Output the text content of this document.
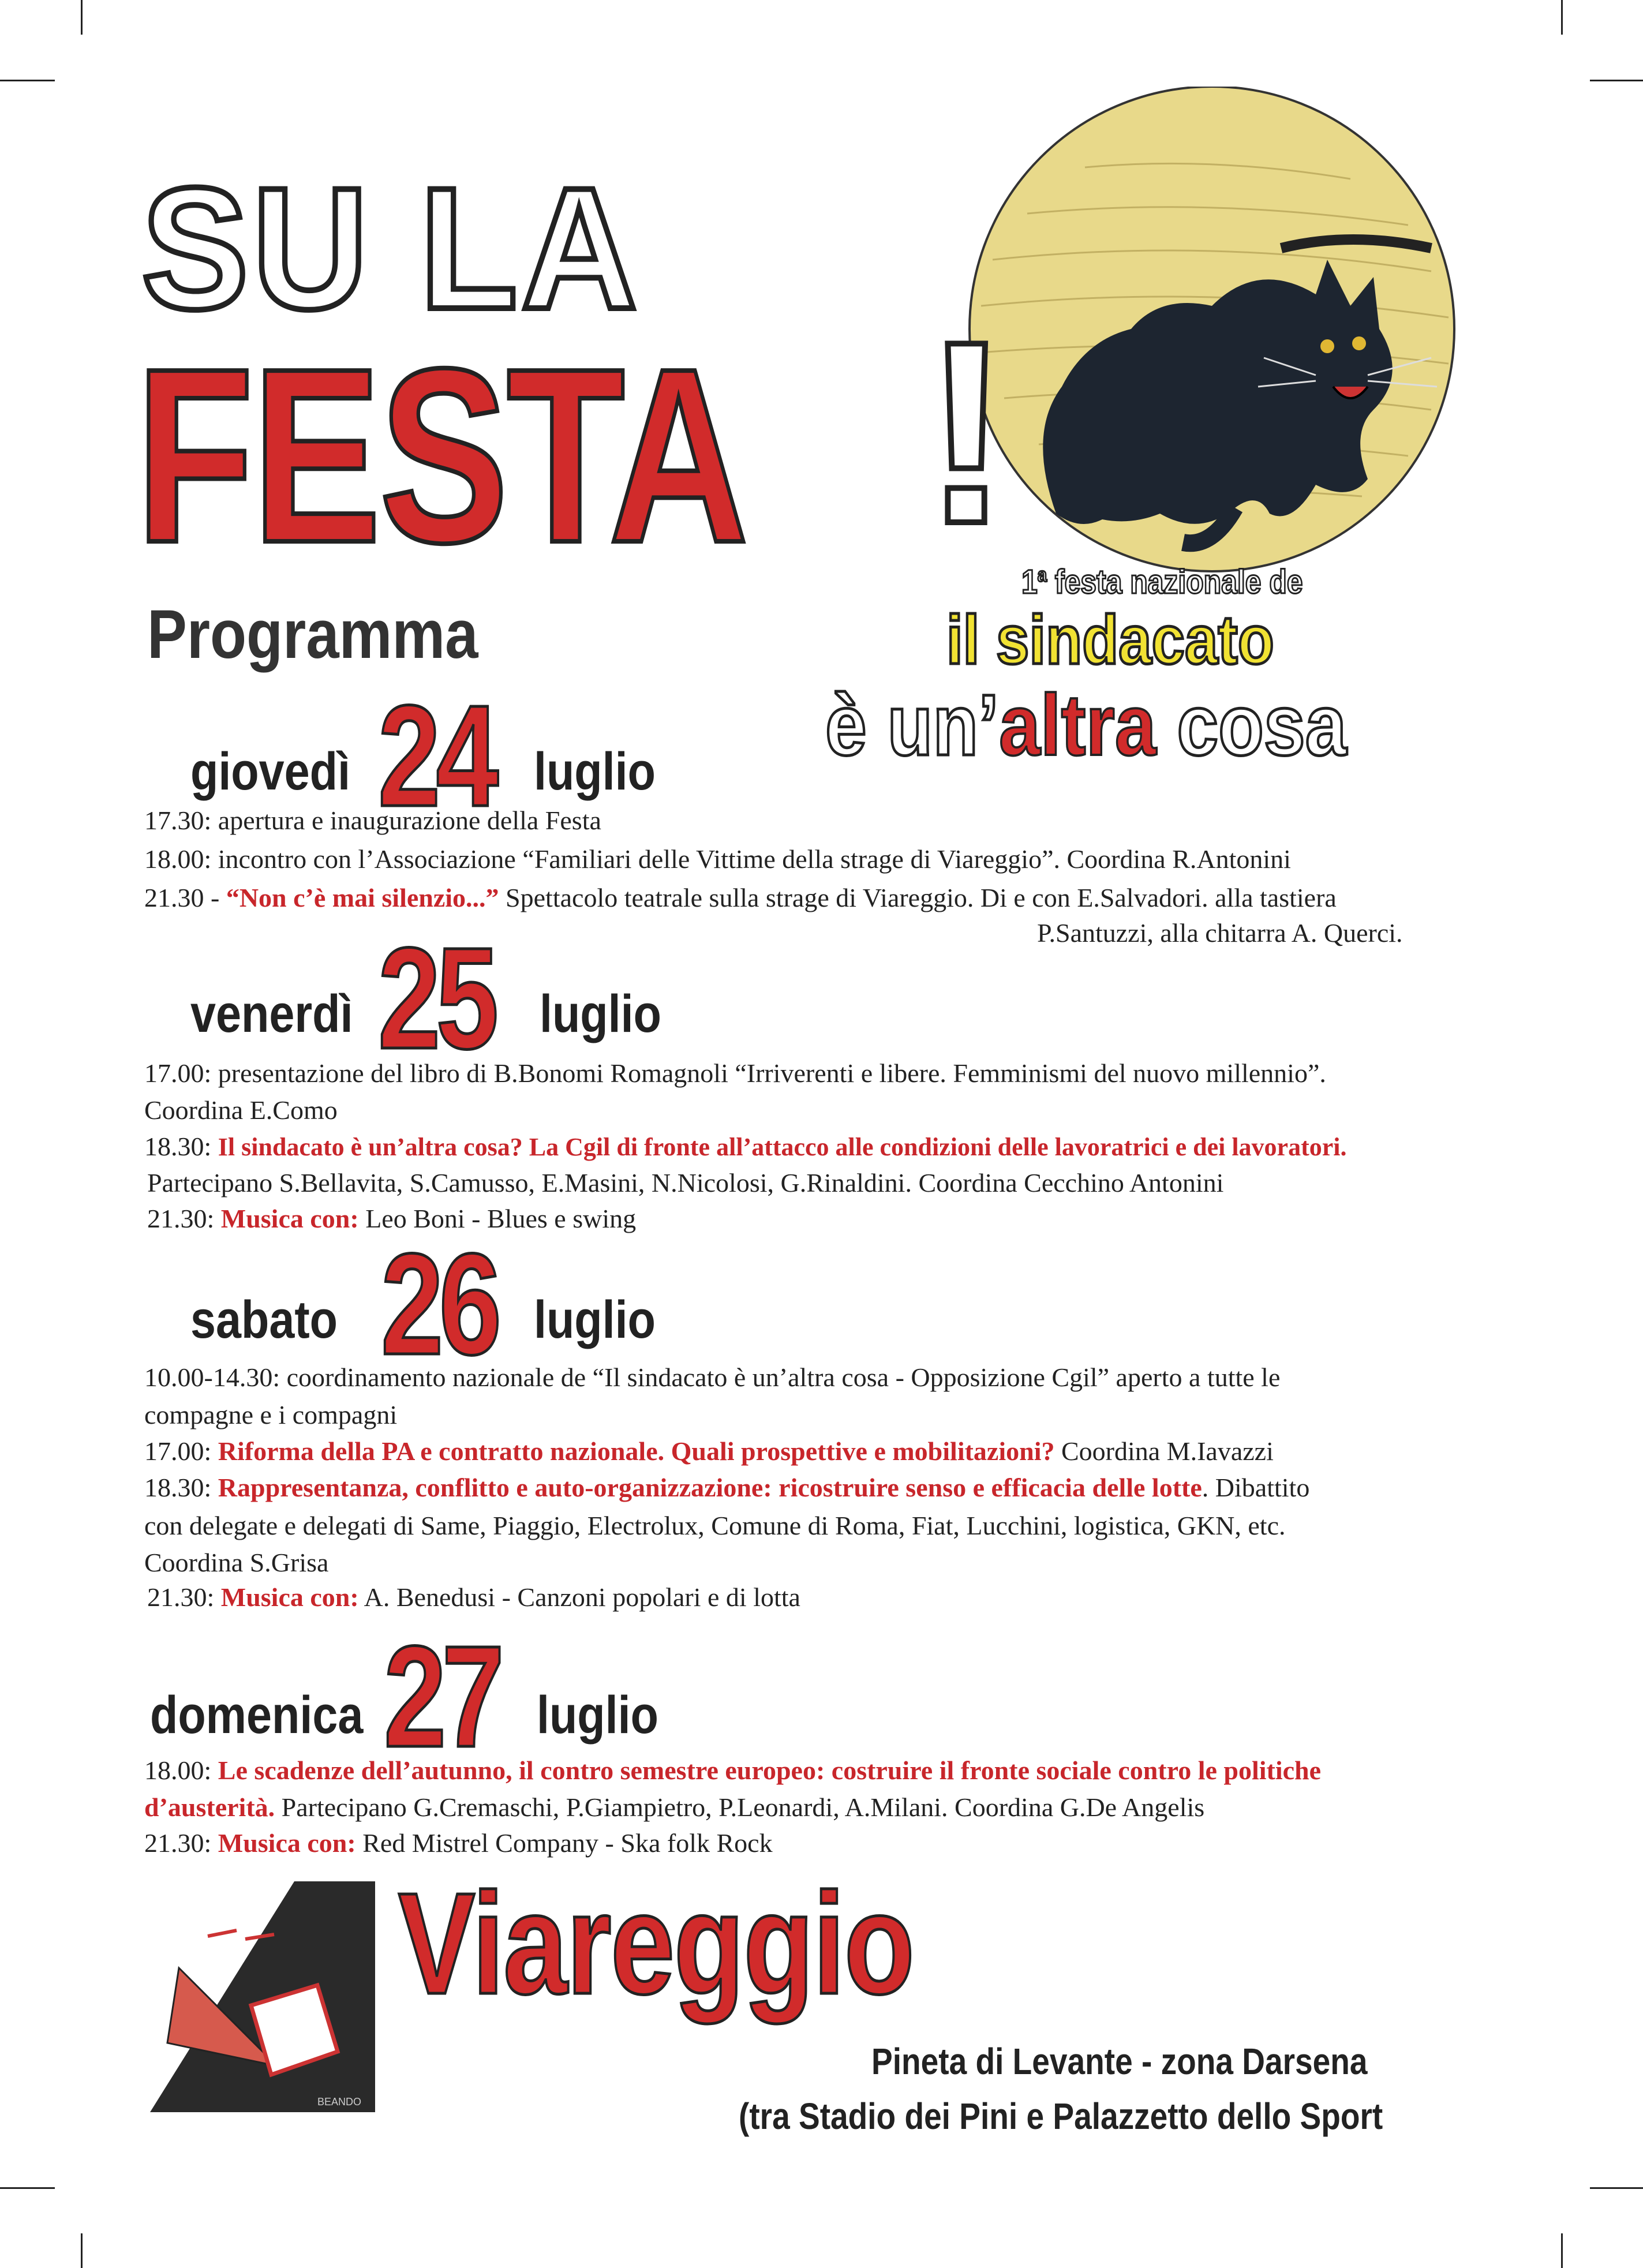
SU LA
FESTA !
Programma
1$^a$ festa nazionale de
il sindacato
è un’altra cosa
giovedì 24 luglio
17.30: apertura e inaugurazione della Festa
18.00: incontro con l’Associazione “Familiari delle Vittime della strage di Viareggio”. Coordina R.Antonini
21.30 - “Non c’è mai silenzio...” Spettacolo teatrale sulla strage di Viareggio. Di e con E.Salvadori. alla tastiera
P.Santuzzi, alla chitarra A. Querci.
venerdì 25 luglio
17.00: presentazione del libro di B.Bonomi Romagnoli “Irriverenti e libere. Femminismi del nuovo millennio”.
Coordina E.Como
18.30: Il sindacato è un’altra cosa? La Cgil di fronte all’attacco alle condizioni delle lavoratrici e dei lavoratori.
Partecipano S.Bellavita, S.Camusso, E.Masini, N.Nicolosi, G.Rinaldini. Coordina Cecchino Antonini
21.30: Musica con: Leo Boni - Blues e swing
sabato 26 luglio
10.00-14.30: coordinamento nazionale de “Il sindacato è un’altra cosa - Opposizione Cgil” aperto a tutte le
compagne e i compagni
17.00: Riforma della PA e contratto nazionale. Quali prospettive e mobilitazioni? Coordina M.Iavazzi
18.30: Rappresentanza, conflitto e auto-organizzazione: ricostruire senso e efficacia delle lotte. Dibattito
con delegate e delegati di Same, Piaggio, Electrolux, Comune di Roma, Fiat, Lucchini, logistica, GKN, etc.
Coordina S.Grisa
21.30: Musica con: A. Benedusi - Canzoni popolari e di lotta
domenica 27 luglio
18.00: Le scadenze dell’autunno, il contro semestre europeo: costruire il fronte sociale contro le politiche
d’austerità. Partecipano G.Cremaschi, P.Giampietro, P.Leonardi, A.Milani. Coordina G.De Angelis
21.30: Musica con: Red Mistrel Company - Ska folk Rock
BEANDO
Viareggio
Pineta di Levante - zona Darsena
(tra Stadio dei Pini e Palazzetto dello Sport
